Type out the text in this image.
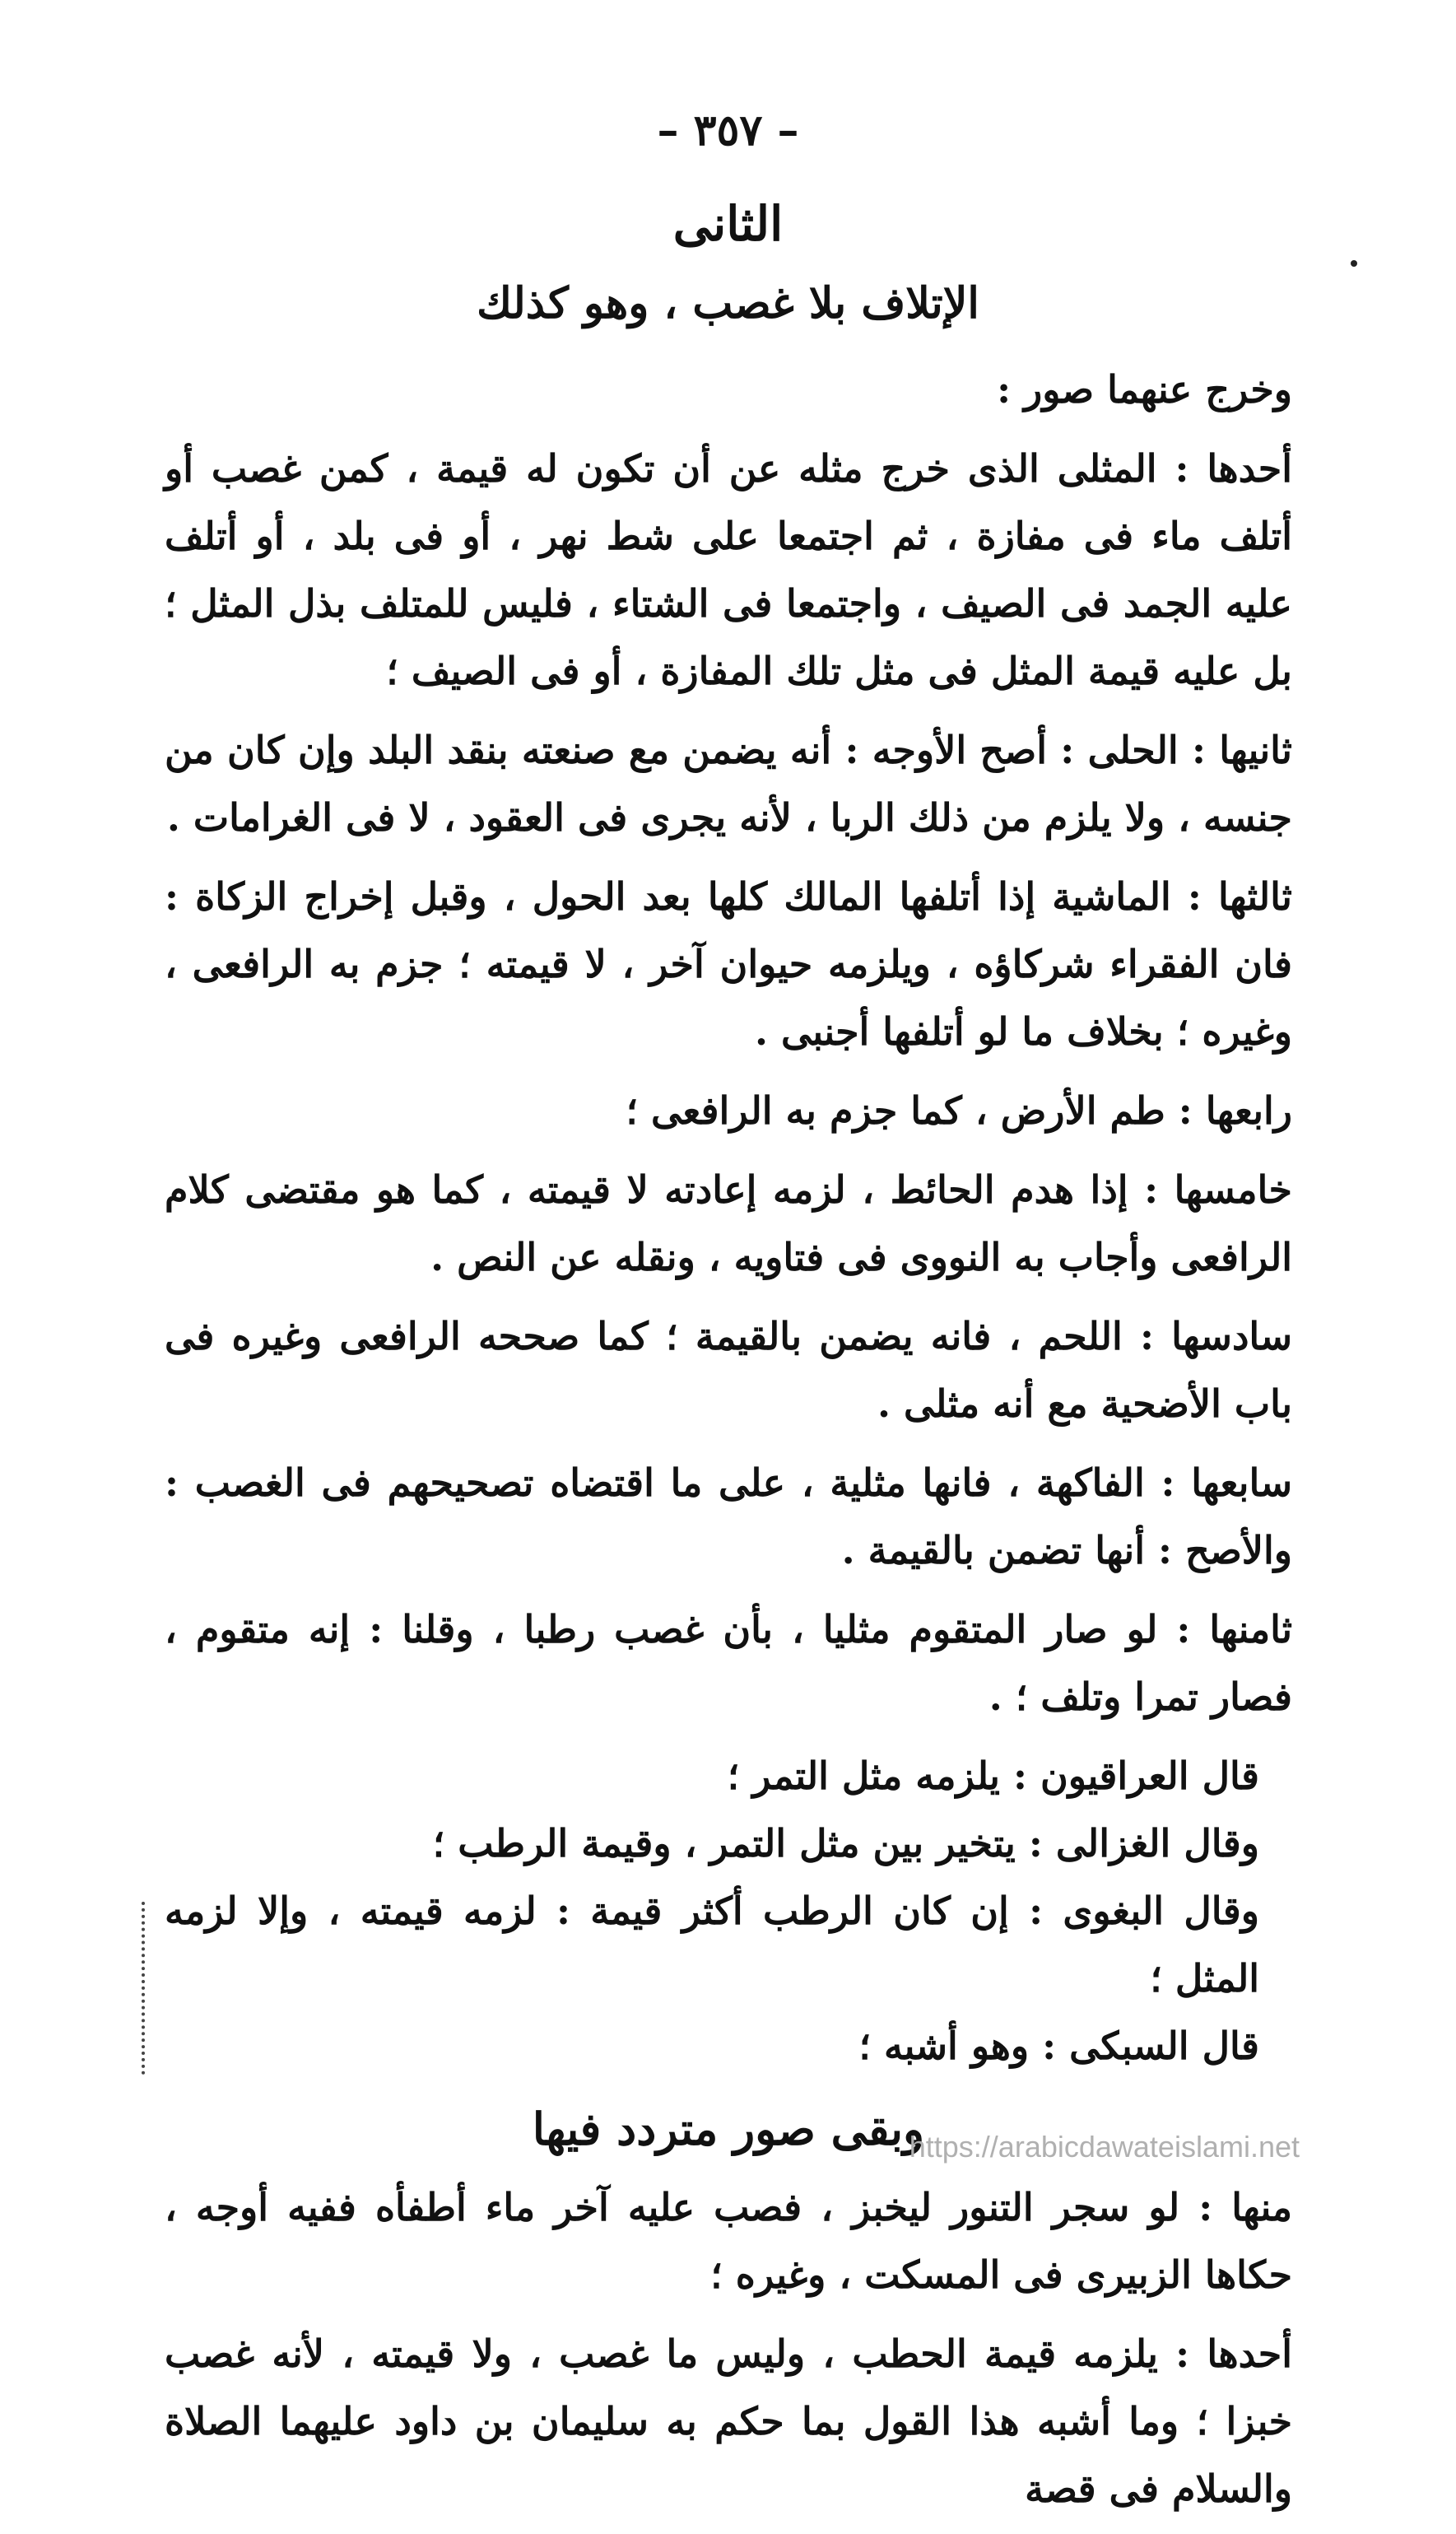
– ٣٥٧ –
الثانى
الإتلاف بلا غصب ، وهو كذلك

وخرج عنهما صور :

أحدها : المثلى الذى خرج مثله عن أن تكون له قيمة ، كمن غصب أو أتلف ماء فى مفازة ، ثم اجتمعا على شط نهر ، أو فى بلد ، أو أتلف عليه الجمد فى الصيف ، واجتمعا فى الشتاء ، فليس للمتلف بذل المثل ؛ بل عليه قيمة المثل فى مثل تلك المفازة ، أو فى الصيف ؛

ثانيها : الحلى : أصح الأوجه : أنه يضمن مع صنعته بنقد البلد وإن كان من جنسه ، ولا يلزم من ذلك الربا ، لأنه يجرى فى العقود ، لا فى الغرامات .

ثالثها : الماشية إذا أتلفها المالك كلها بعد الحول ، وقبل إخراج الزكاة : فان الفقراء شركاؤه ، ويلزمه حيوان آخر ، لا قيمته ؛ جزم به الرافعى ، وغيره ؛ بخلاف ما لو أتلفها أجنبى .

رابعها : طم الأرض ، كما جزم به الرافعى ؛

خامسها : إذا هدم الحائط ، لزمه إعادته لا قيمته ، كما هو مقتضى كلام الرافعى وأجاب به النووى فى فتاويه ، ونقله عن النص .

سادسها : اللحم ، فانه يضمن بالقيمة ؛ كما صححه الرافعى وغيره فى باب الأضحية مع أنه مثلى .

سابعها : الفاكهة ، فانها مثلية ، على ما اقتضاه تصحيحهم فى الغصب : والأصح : أنها تضمن بالقيمة .

ثامنها : لو صار المتقوم مثليا ، بأن غصب رطبا ، وقلنا : إنه متقوم ، فصار تمرا وتلف ؛ .

قال العراقيون : يلزمه مثل التمر ؛

وقال الغزالى : يتخير بين مثل التمر ، وقيمة الرطب ؛

وقال البغوى : إن كان الرطب أكثر قيمة : لزمه قيمته ، وإلا لزمه المثل ؛

قال السبكى : وهو أشبه ؛

وبقى صور متردد فيها

منها : لو سجر التنور ليخبز ، فصب عليه آخر ماء أطفأه ففيه أوجه ، حكاها الزبيرى فى المسكت ، وغيره ؛

أحدها : يلزمه قيمة الحطب ، وليس ما غصب ، ولا قيمته ، لأنه غصب خبزا ؛ وما أشبه هذا القول بما حكم به سليمان بن داود عليهما الصلاة والسلام فى قصة

https://arabicdawateislami.net
